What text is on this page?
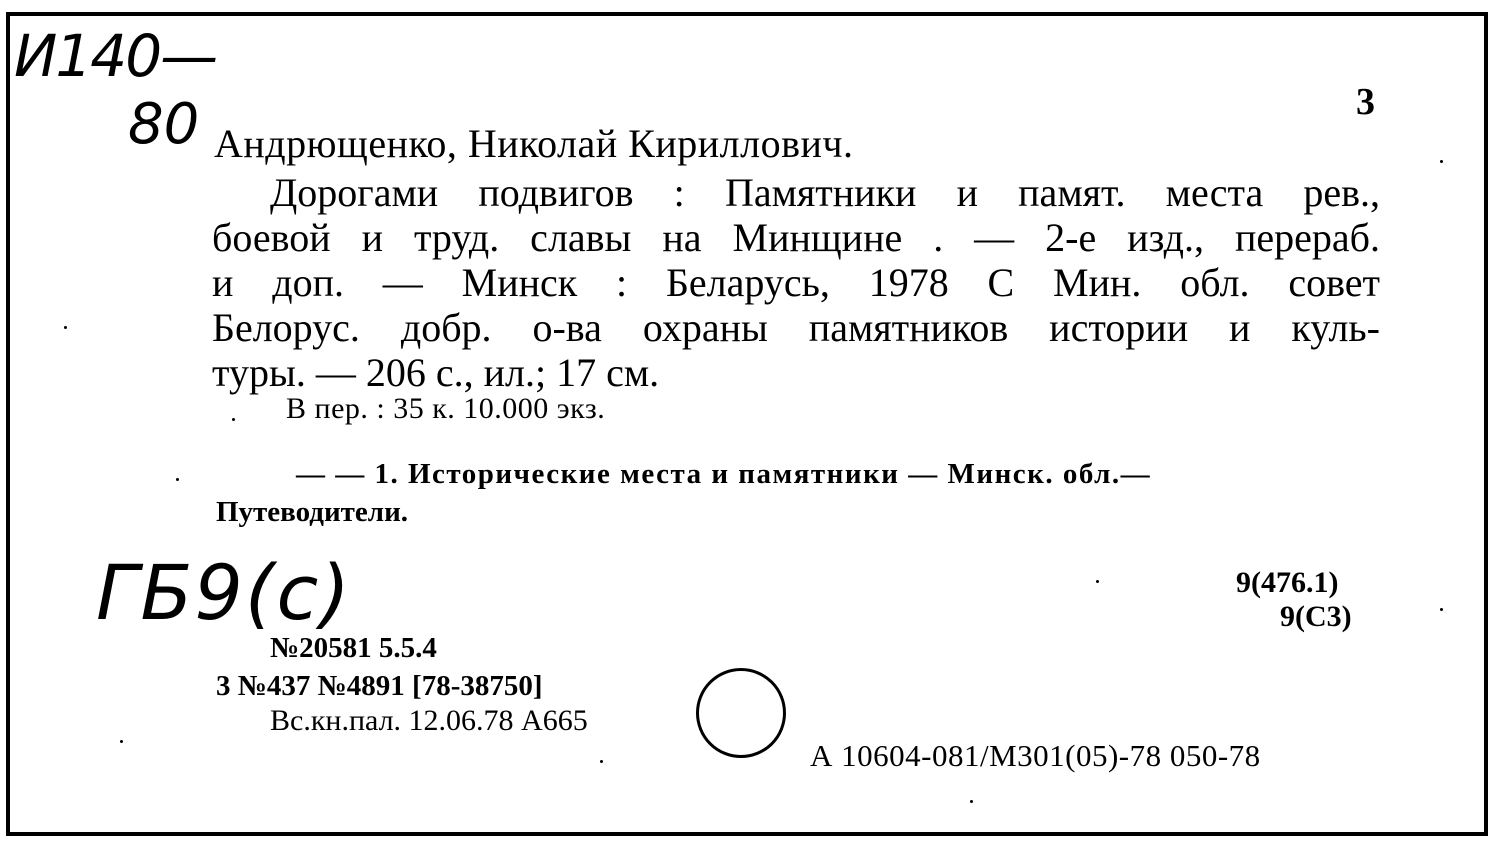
И140—
80	3
Андрющенко, Николай Кириллович.
Дорогами подвигов : Памятники и памят. места рев.,
боевой и труд. славы на Минщине . — 2-е изд., перераб.
и доп. — Минск : Беларусь, 1978 С Мин. обл. совет
Белорус. добр. о-ва охраны памятников истории и куль-
туры. — 206 с., ил.; 17 см.
В пер. : 35 к. 10.000 экз.
— — 1. Исторические места и памятники — Минск. обл.—
Путеводители.
ГБ9(с)	9(476.1)
9(С3)
№20581 5.5.4
3 №437 №4891 [78-38750]
Вс.кн.пал. 12.06.78 А665
А 10604-081/М301(05)-78 050-78
